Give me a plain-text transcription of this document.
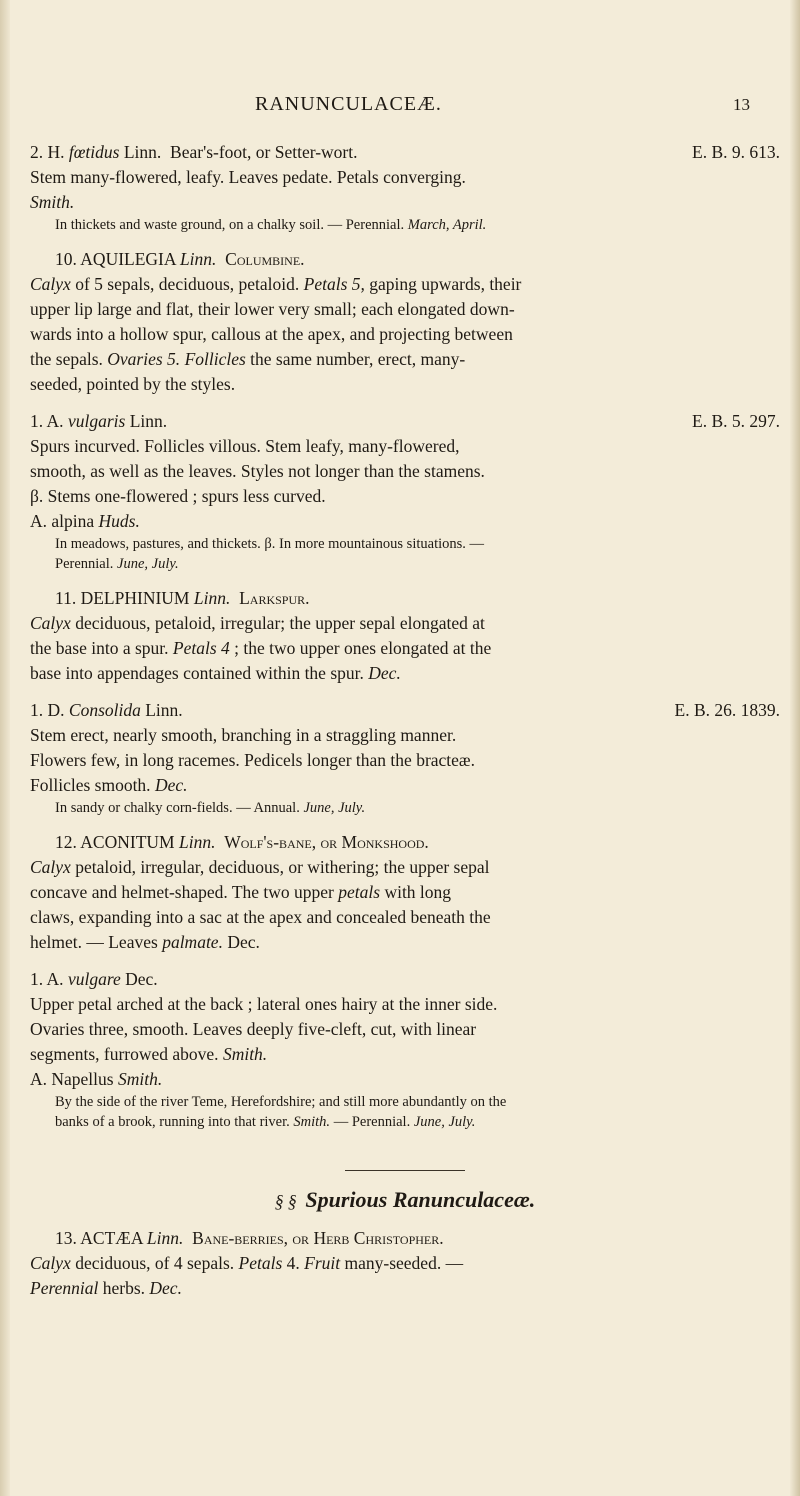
RANUNCULACEÆ.	13

2. H. fœtidus Linn. Bear's-foot, or Setter-wort.	E. B. 9. 613.
Stem many-flowered, leafy. Leaves pedate. Petals converging.
Smith.

In thickets and waste ground, on a chalky soil. — Perennial. March, April.

10. AQUILEGIA Linn. Columbine.

Calyx of 5 sepals, deciduous, petaloid. Petals 5, gaping upwards, their
upper lip large and flat, their lower very small; each elongated down-
wards into a hollow spur, callous at the apex, and projecting between
the sepals. Ovaries 5. Follicles the same number, erect, many-
seeded, pointed by the styles.

1. A. vulgaris Linn.	E. B. 5. 297.
Spurs incurved. Follicles villous. Stem leafy, many-flowered,
smooth, as well as the leaves. Styles not longer than the stamens.
β. Stems one-flowered ; spurs less curved.
A. alpina Huds.

In meadows, pastures, and thickets. β. In more mountainous situations. —
Perennial. June, July.

11. DELPHINIUM Linn. Larkspur.

Calyx deciduous, petaloid, irregular; the upper sepal elongated at
the base into a spur. Petals 4 ; the two upper ones elongated at the
base into appendages contained within the spur. Dec.

1. D. Consolida Linn.	E. B. 26. 1839.
Stem erect, nearly smooth, branching in a straggling manner.
Flowers few, in long racemes. Pedicels longer than the bracteæ.
Follicles smooth. Dec.

In sandy or chalky corn-fields. — Annual. June, July.

12. ACONITUM Linn. Wolf's-bane, or Monkshood.

Calyx petaloid, irregular, deciduous, or withering; the upper sepal
concave and helmet-shaped. The two upper petals with long
claws, expanding into a sac at the apex and concealed beneath the
helmet. — Leaves palmate. Dec.

1. A. vulgare Dec.
Upper petal arched at the back ; lateral ones hairy at the inner side.
Ovaries three, smooth. Leaves deeply five-cleft, cut, with linear
segments, furrowed above. Smith.
A. Napellus Smith.

By the side of the river Teme, Herefordshire; and still more abundantly on the
banks of a brook, running into that river. Smith. — Perennial. June, July.

§ § Spurious Ranunculaceæ.

13. ACTÆA Linn. Bane-berries, or Herb Christopher.

Calyx deciduous, of 4 sepals. Petals 4. Fruit many-seeded. —
Perennial herbs. Dec.
